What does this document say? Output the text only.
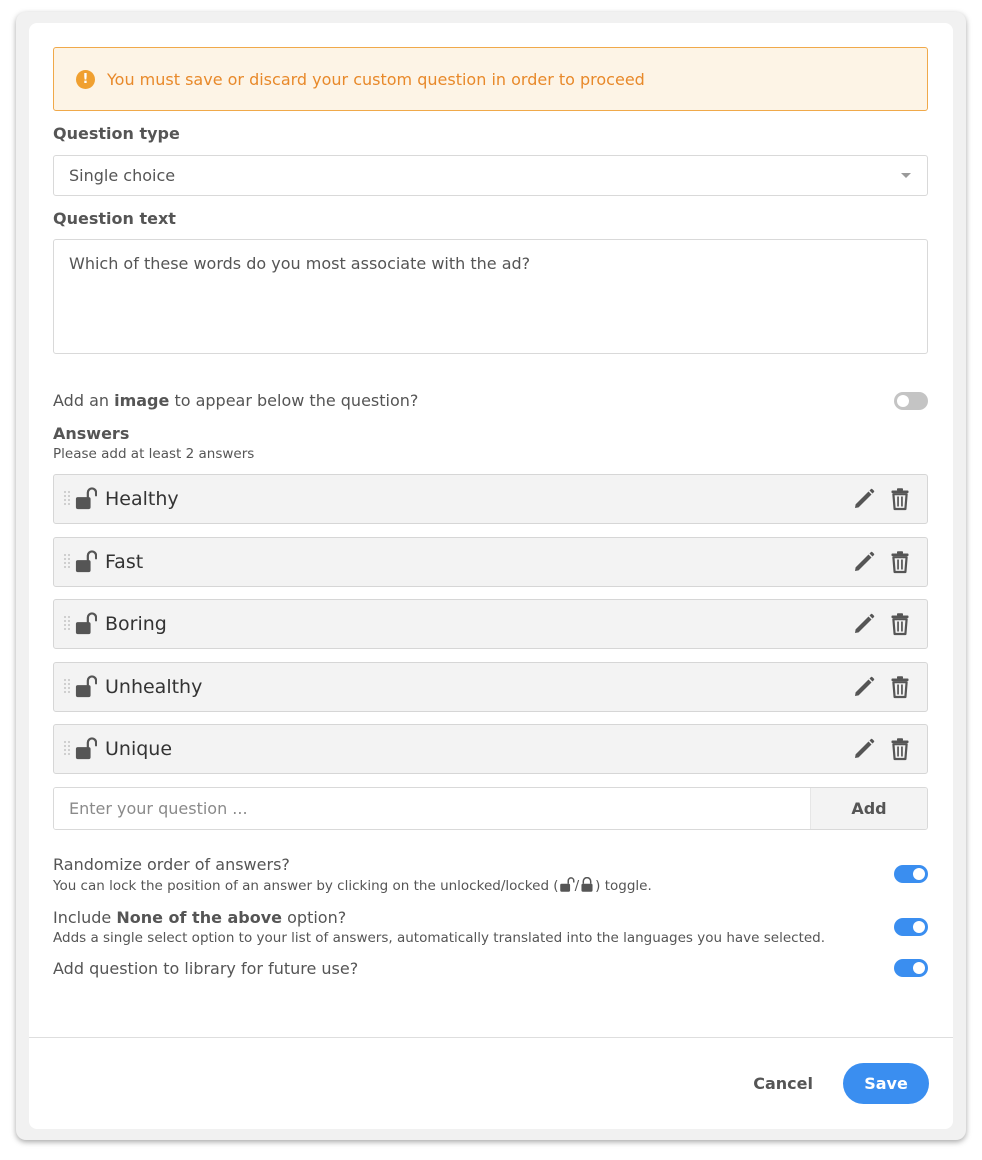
!	You must save or discard your custom question in order to proceed
Question type
Single choice
Question text
Which of these words do you most associate with the ad?
Add an image to appear below the question?
Answers
Please add at least 2 answers
Healthy
Fast
Boring
Unhealthy
Unique
Enter your question ...
Add
Randomize order of answers?
You can lock the position of an answer by clicking on the unlocked/locked ( / ) toggle.
Include None of the above option?
Adds a single select option to your list of answers, automatically translated into the languages you have selected.
Add question to library for future use?
Cancel	Save
